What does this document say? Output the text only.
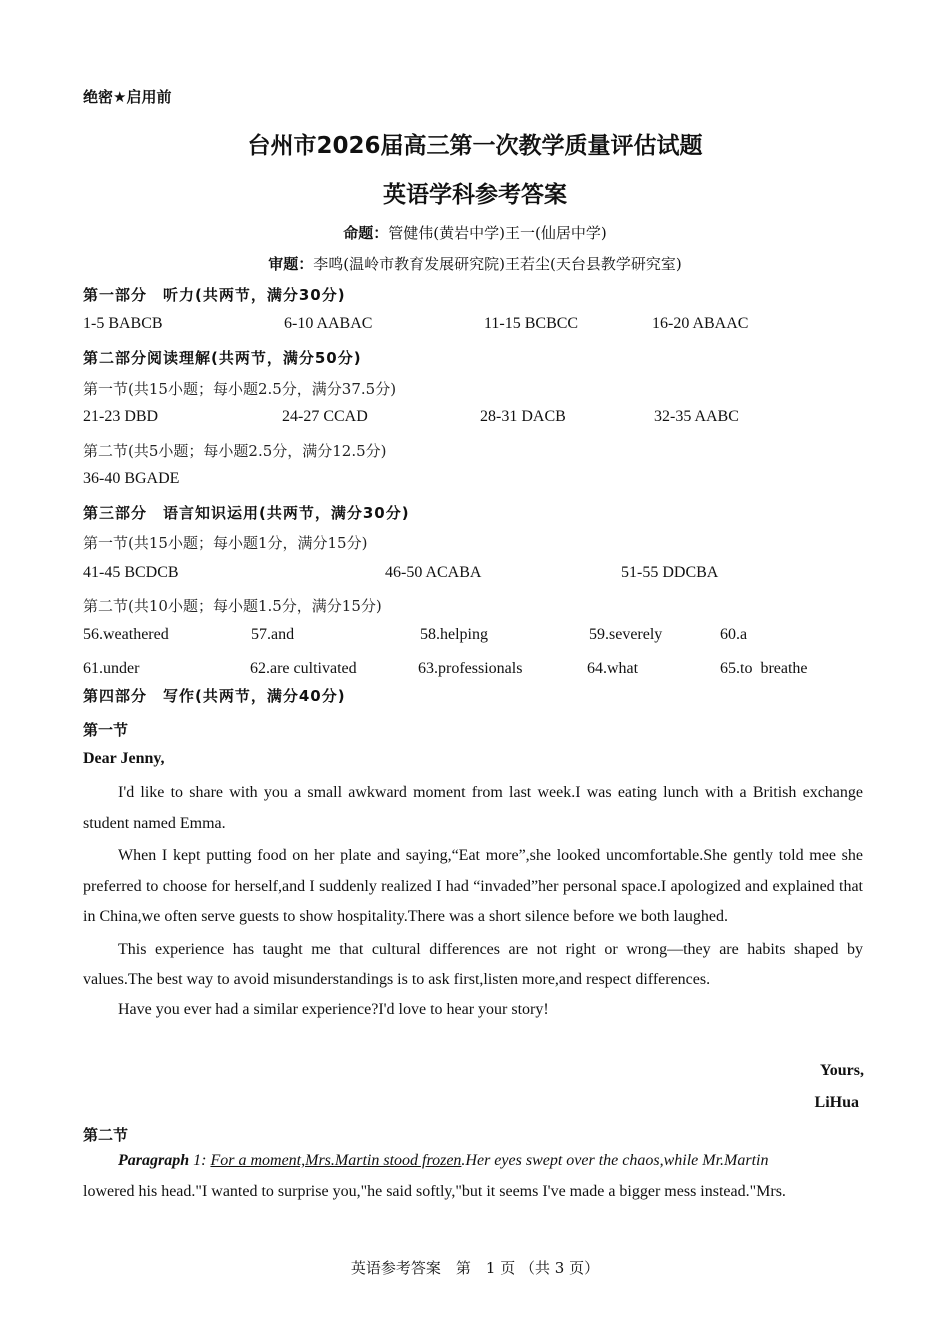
绝密★启用前
台州市2026届高三第一次教学质量评估试题
英语学科参考答案
命题：管健伟(黄岩中学)王一(仙居中学)
审题：李鸣(温岭市教育发展研究院)王若尘(天台县教学研究室)
第一部分　听力(共两节，满分30分)
1-5 BABCB	6-10 AABAC	11-15 BCBCC	16-20 ABAAC
第二部分阅读理解(共两节，满分50分)
第一节(共15小题；每小题2.5分，满分37.5分)
21-23 DBD	24-27 CCAD	28-31 DACB	32-35 AABC
第二节(共5小题；每小题2.5分，满分12.5分)
36-40 BGADE
第三部分　语言知识运用(共两节，满分30分)
第一节(共15小题；每小题1分，满分15分)
41-45 BCDCB	46-50 ACABA	51-55 DDCBA
第二节(共10小题；每小题1.5分，满分15分)
56.weathered	57.and	58.helping	59.severely	60.a
61.under	62.are cultivated	63.professionals	64.what	65.to  breathe
第四部分　写作(共两节，满分40分)
第一节
Dear Jenny,

I'd like to share with you a small awkward moment from last week.I was eating lunch with a British exchange student named Emma.

When I kept putting food on her plate and saying,“Eat more”,she looked uncomfortable.She gently told mee she preferred to choose for herself,and I suddenly realized I had “invaded”her personal space.I apologized and explained that in China,we often serve guests to show hospitality.There was a short silence before we both laughed.

This experience has taught me that cultural differences are not right or wrong—they are habits shaped by values.The best way to avoid misunderstandings is to ask first,listen more,and respect differences.

Have you ever had a similar experience?I'd love to hear your story!

Yours,
LiHua
第二节

Paragraph 1: For a moment,Mrs.Martin stood frozen.Her eyes swept over the chaos,while Mr.Martin

lowered his head."I wanted to surprise you,"he said softly,"but it seems I've made a bigger mess instead."Mrs.

英语参考答案　第　1 页 （共 3 页）
